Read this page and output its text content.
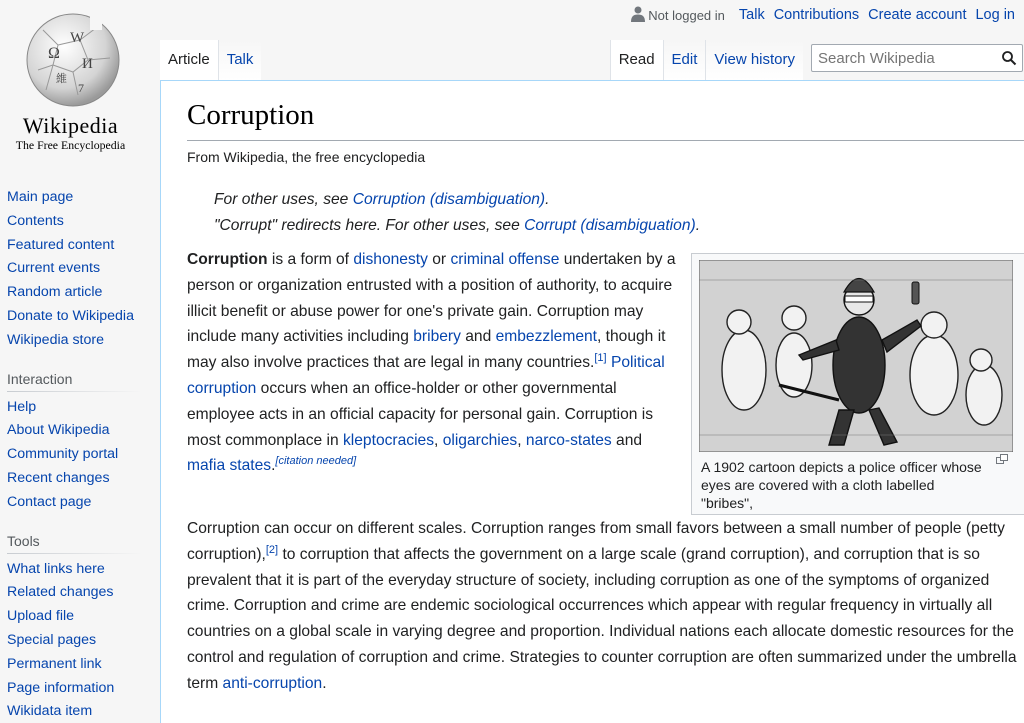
Not logged in Talk Contributions Create account Log in
Ω
W
И
維
7
Wikipedia
The Free Encyclopedia
Main page
Contents
Featured content
Current events
Random article
Donate to Wikipedia
Wikipedia store
Interaction
Help
About Wikipedia
Community portal
Recent changes
Contact page
Tools
What links here
Related changes
Upload file
Special pages
Permanent link
Page information
Wikidata item
Article	Talk	Read	Edit	View history
Search Wikipedia
Corruption
From Wikipedia, the free encyclopedia
For other uses, see Corruption (disambiguation).
"Corrupt" redirects here. For other uses, see Corrupt (disambiguation).

Corruption is a form of dishonesty or criminal offense undertaken by a person or organization entrusted with a position of authority, to acquire illicit benefit or abuse power for one's private gain. Corruption may include many activities including bribery and embezzlement, though it may also involve practices that are legal in many countries.[1] Political corruption occurs when an office-holder or other governmental employee acts in an official capacity for personal gain. Corruption is most commonplace in kleptocracies, oligarchies, narco-states and mafia states.[citation needed]	A 1902 cartoon depicts a police officer whose eyes are covered with a cloth labelled "bribes",

Corruption can occur on different scales. Corruption ranges from small favors between a small number of people (petty corruption),[2] to corruption that affects the government on a large scale (grand corruption), and corruption that is so prevalent that it is part of the everyday structure of society, including corruption as one of the symptoms of organized crime. Corruption and crime are endemic sociological occurrences which appear with regular frequency in virtually all countries on a global scale in varying degree and proportion. Individual nations each allocate domestic resources for the control and regulation of corruption and crime. Strategies to counter corruption are often summarized under the umbrella term anti-corruption.
